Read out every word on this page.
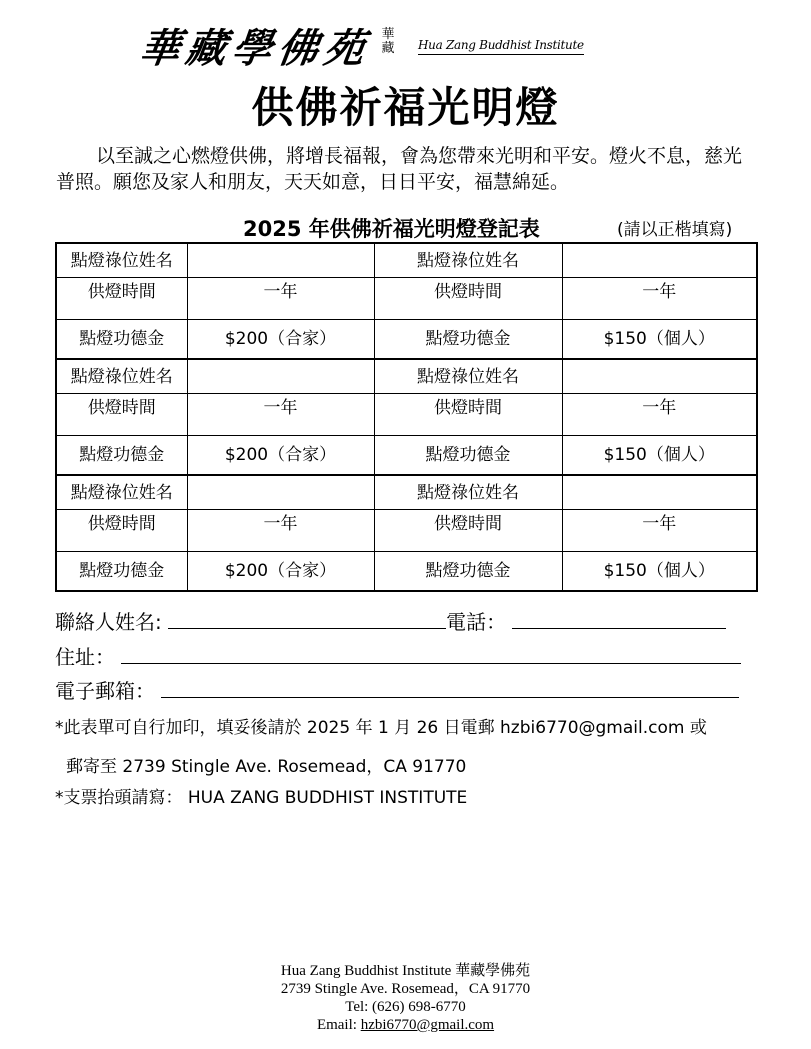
華藏學佛苑 華藏 Hua Zang Buddhist Institute
供佛祈福光明燈

以至誠之心燃燈供佛，將增長福報，會為您帶來光明和平安。燈火不息，慈光普照。願您及家人和朋友，天天如意，日日平安，福慧綿延。

2025 年供佛祈福光明燈登記表	(請以正楷填寫)
點燈祿位姓名		點燈祿位姓名	
供燈時間	一年	供燈時間	一年
點燈功德金	$200（合家）	點燈功德金	$150（個人）
點燈祿位姓名		點燈祿位姓名	
供燈時間	一年	供燈時間	一年
點燈功德金	$200（合家）	點燈功德金	$150（個人）
點燈祿位姓名		點燈祿位姓名	
供燈時間	一年	供燈時間	一年
點燈功德金	$200（合家）	點燈功德金	$150（個人）
聯絡人姓名:	電話：
住址：
電子郵箱：
*此表單可自行加印，填妥後請於 2025 年 1 月 26 日電郵 hzbi6770@gmail.com 或
郵寄至 2739 Stingle Ave. Rosemead，CA 91770
*支票抬頭請寫： HUA ZANG BUDDHIST INSTITUTE
Hua Zang Buddhist Institute 華藏學佛苑
2739 Stingle Ave. Rosemead，CA 91770
Tel: (626) 698-6770
Email: hzbi6770@gmail.com
